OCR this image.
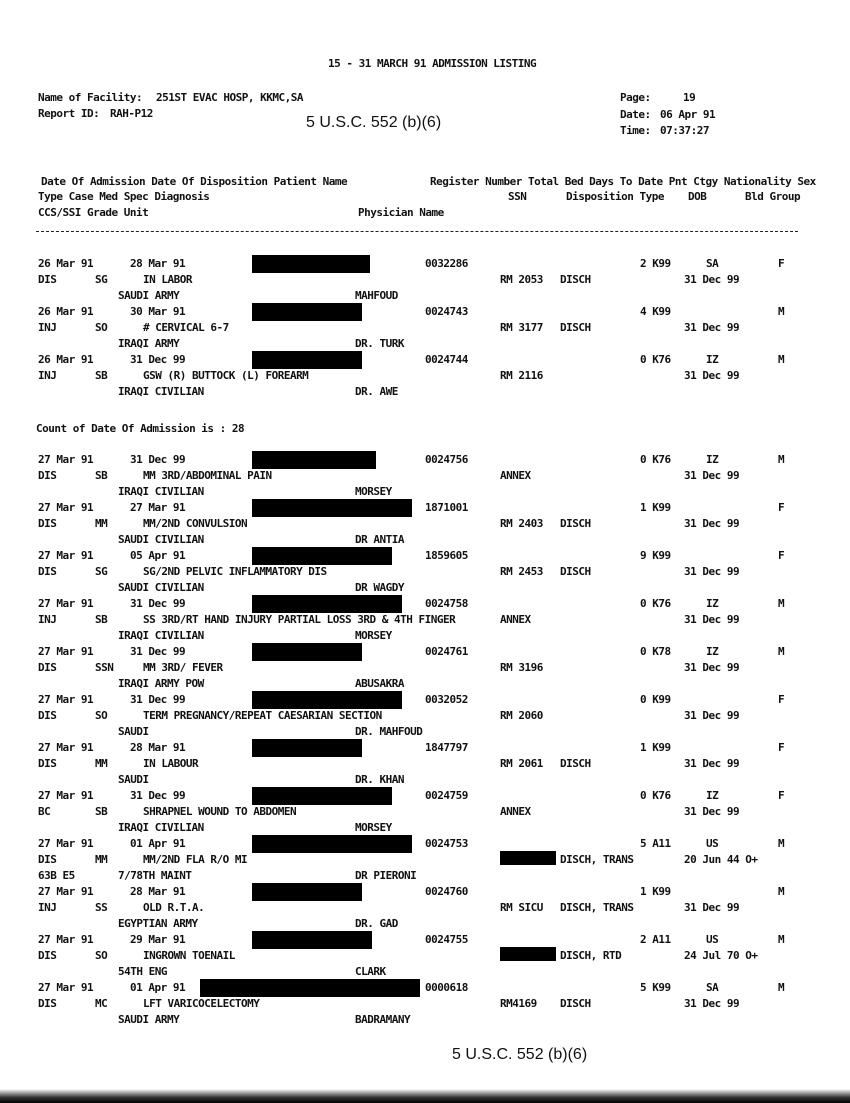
15 - 31 MARCH 91 ADMISSION LISTING
Name of Facility: 251ST EVAC HOSP, KKMC,SA
Report ID: RAH-P12
5 U.S.C. 552 (b)(6)
Page:	19
Date: 06 Apr 91
Time: 07:37:27
Date Of Admission Date Of Disposition Patient Name	Register Number Total Bed Days To Date Pnt Ctgy Nationality Sex
Type Case Med Spec Diagnosis	SSN	Disposition Type DOB	Bld Group
CCS/SSI Grade Unit	Physician Name
26 Mar 91	28 Mar 91	0032286	2 K99	SA	F
DIS	SG	IN LABOR	RM 2053 DISCH	31 Dec 99
SAUDI ARMY	MAHFOUD
26 Mar 91	30 Mar 91	0024743	4 K99	M
INJ	SO	# CERVICAL 6-7	RM 3177 DISCH	31 Dec 99
IRAQI ARMY	DR. TURK
26 Mar 91	31 Dec 99	0024744	0 K76	IZ	M
INJ	SB	GSW (R) BUTTOCK (L) FOREARM	RM 2116	31 Dec 99
IRAQI CIVILIAN	DR. AWE
27 Mar 91	31 Dec 99	0024756	0 K76	IZ	M
DIS	SB	MM 3RD/ABDOMINAL PAIN	ANNEX	31 Dec 99
IRAQI CIVILIAN	MORSEY
27 Mar 91	27 Mar 91	1871001	1 K99	F
DIS	MM	MM/2ND CONVULSION	RM 2403 DISCH	31 Dec 99
SAUDI CIVILIAN	DR ANTIA
27 Mar 91	05 Apr 91	1859605	9 K99	F
DIS	SG	SG/2ND PELVIC INFLAMMATORY DIS	RM 2453 DISCH	31 Dec 99
SAUDI CIVILIAN	DR WAGDY
27 Mar 91	31 Dec 99	0024758	0 K76	IZ	M
INJ	SB	SS 3RD/RT HAND INJURY PARTIAL LOSS 3RD & 4TH FINGER	ANNEX	31 Dec 99
IRAQI CIVILIAN	MORSEY
27 Mar 91	31 Dec 99	0024761	0 K78	IZ	M
DIS	SSN	MM 3RD/ FEVER	RM 3196	31 Dec 99
IRAQI ARMY POW	ABUSAKRA
27 Mar 91	31 Dec 99	0032052	0 K99	F
DIS	SO	TERM PREGNANCY/REPEAT CAESARIAN SECTION	RM 2060	31 Dec 99
SAUDI	DR. MAHFOUD
27 Mar 91	28 Mar 91	1847797	1 K99	F
DIS	MM	IN LABOUR	RM 2061 DISCH	31 Dec 99
SAUDI	DR. KHAN
27 Mar 91	31 Dec 99	0024759	0 K76	IZ	F
BC	SB	SHRAPNEL WOUND TO ABDOMEN	ANNEX	31 Dec 99
IRAQI CIVILIAN	MORSEY
27 Mar 91	01 Apr 91	0024753	5 A11	US	M
DIS	MM	MM/2ND FLA R/O MI	DISCH, TRANS	20 Jun 44 O+
63B E5	7/78TH MAINT	DR PIERONI
27 Mar 91	28 Mar 91	0024760	1 K99	M
INJ	SS	OLD R.T.A.	RM SICU DISCH, TRANS	31 Dec 99
EGYPTIAN ARMY	DR. GAD
27 Mar 91	29 Mar 91	0024755	2 A11	US	M
DIS	SO	INGROWN TOENAIL	DISCH, RTD	24 Jul 70 O+
54TH ENG	CLARK
27 Mar 91	01 Apr 91	0000618	5 K99	SA	M
DIS	MC	LFT VARICOCELECTOMY	RM4169 DISCH	31 Dec 99
SAUDI ARMY	BADRAMANY
Count of Date Of Admission is : 28
5 U.S.C. 552 (b)(6)
